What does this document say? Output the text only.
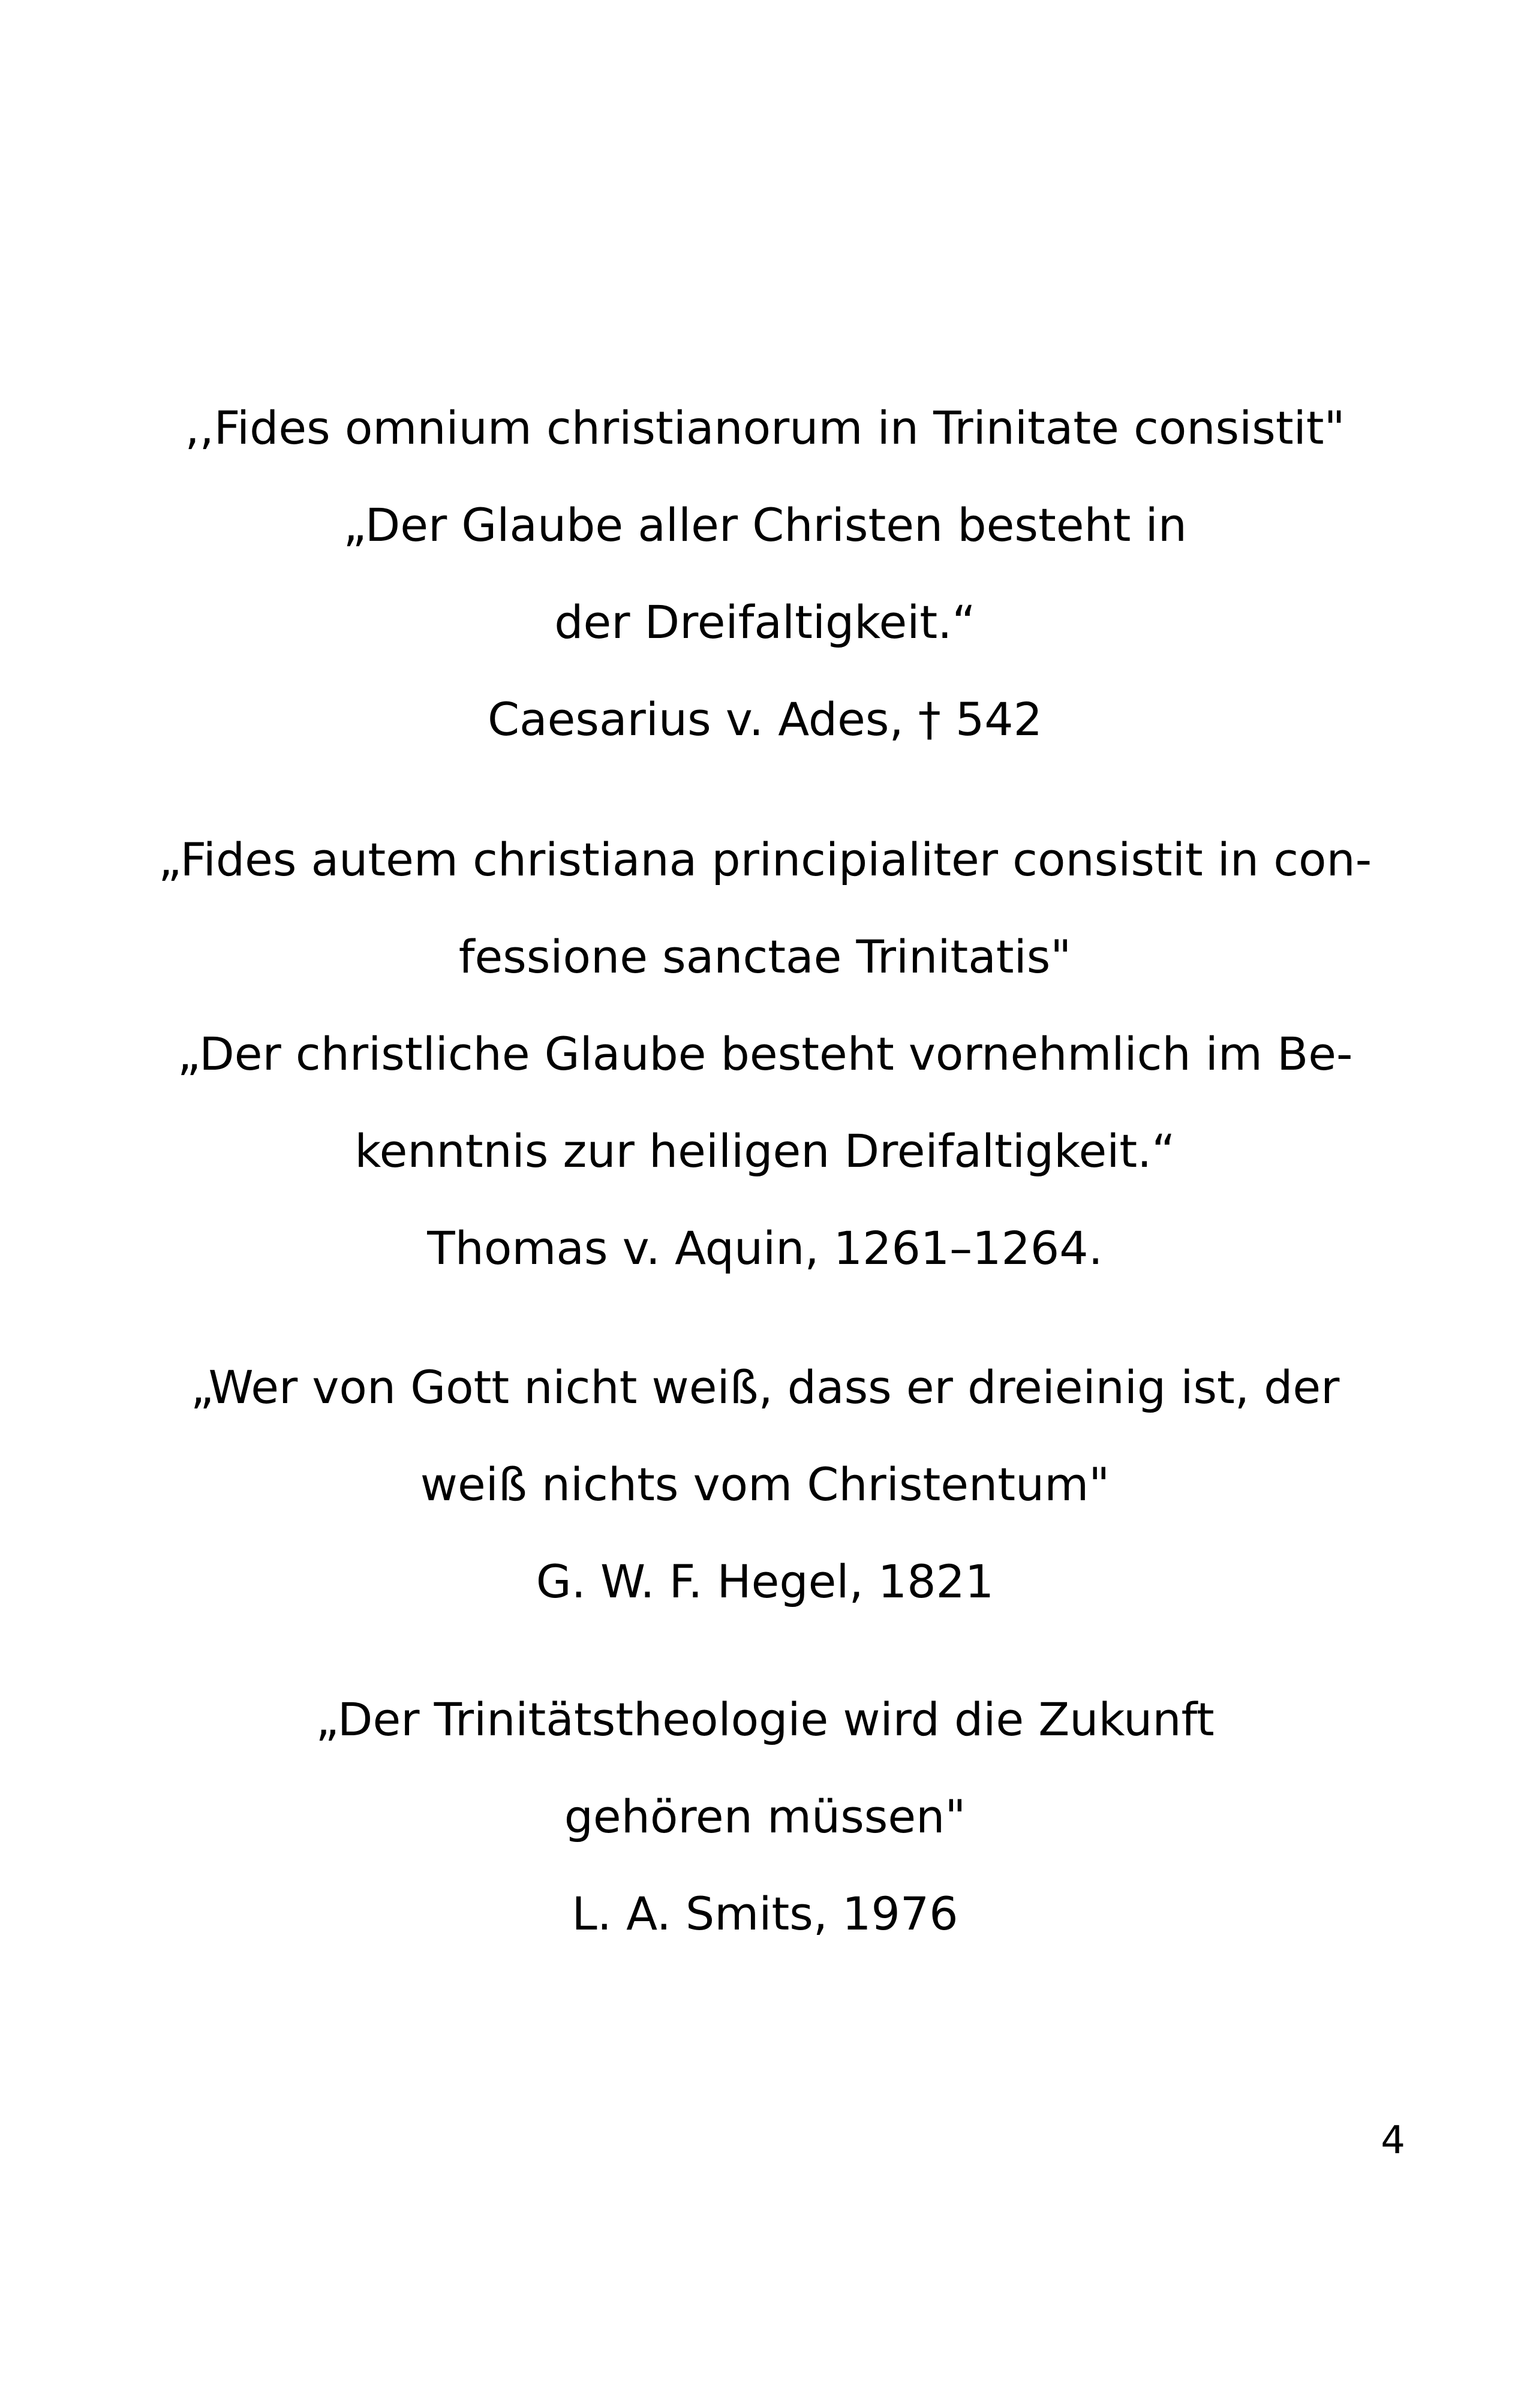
,,Fides omnium christianorum in Trinitate consistit"
„Der Glaube aller Christen besteht in
der Dreifaltigkeit.“
Caesarius v. Ades, † 542
„Fides autem christiana principialiter consistit in con-
fessione sanctae Trinitatis"
„Der christliche Glaube besteht vornehmlich im Be-
kenntnis zur heiligen Dreifaltigkeit.“
Thomas v. Aquin, 1261–1264.
„Wer von Gott nicht weiß, dass er dreieinig ist, der
weiß nichts vom Christentum"
G. W. F. Hegel, 1821
„Der Trinitätstheologie wird die Zukunft
gehören müssen"
L. A. Smits, 1976
4
